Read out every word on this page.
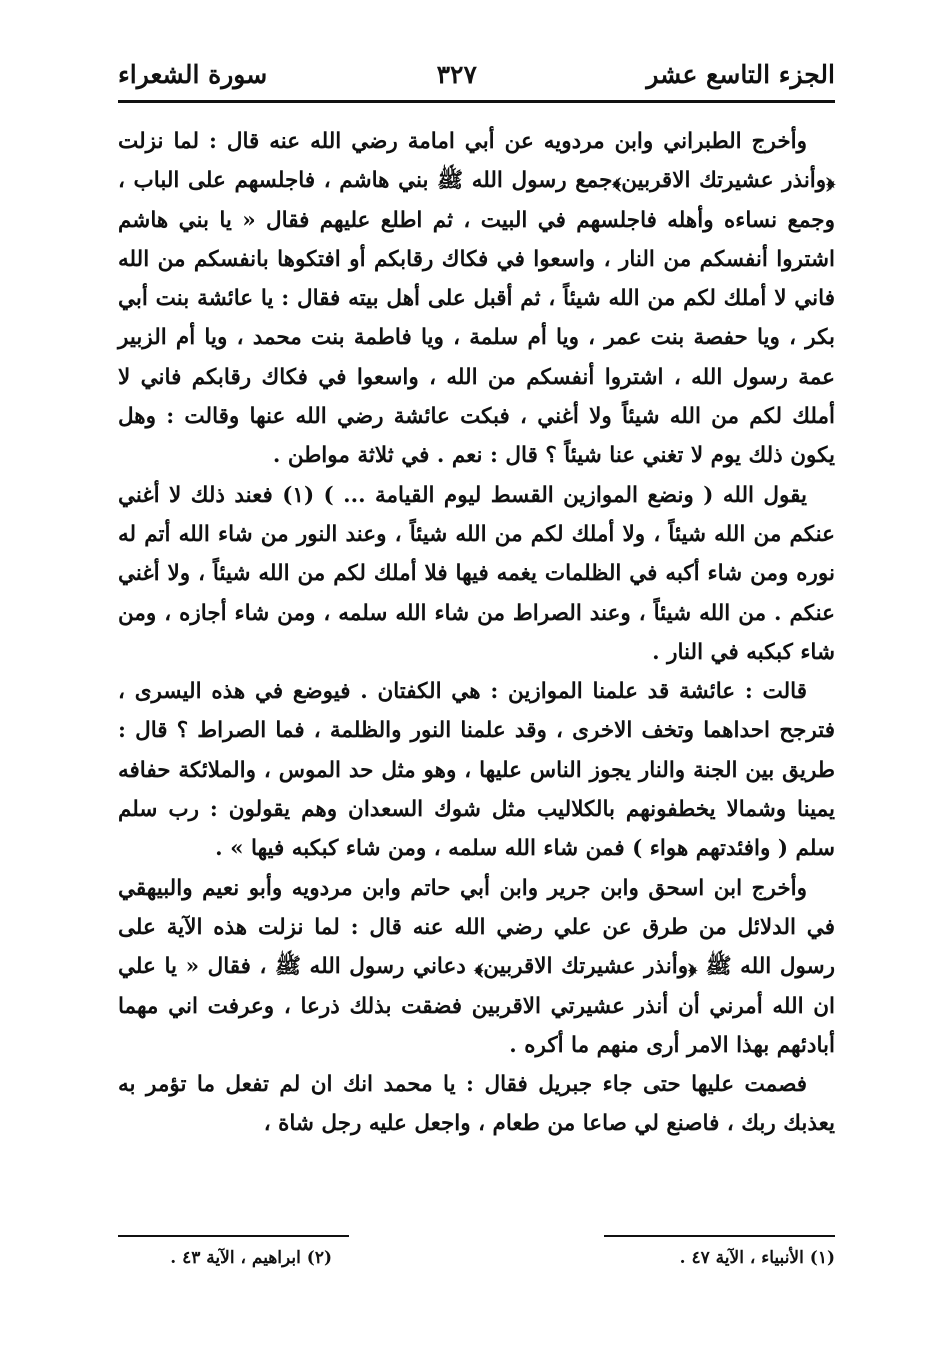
الجزء التاسع عشر
٣٢٧
سورة الشعراء

وأخرج الطبراني وابن مردويه عن أبي امامة رضي الله عنه قال : لما نزلت ﴿وأنذر عشيرتك الاقربين﴾جمع رسول الله ﷺ بني هاشم ، فاجلسهم على الباب ، وجمع نساءه وأهله فاجلسهم في البيت ، ثم اطلع عليهم فقال « يا بني هاشم اشتروا أنفسكم من النار ، واسعوا في فكاك رقابكم أو افتكوها بانفسكم من الله فاني لا أملك لكم من الله شيئاً ، ثم أقبل على أهل بيته فقال : يا عائشة بنت أبي بكر ، ويا حفصة بنت عمر ، ويا أم سلمة ، ويا فاطمة بنت محمد ، ويا أم الزبير عمة رسول الله ، اشتروا أنفسكم من الله ، واسعوا في فكاك رقابكم فاني لا أملك لكم من الله شيئاً ولا أغني ، فبكت عائشة رضي الله عنها وقالت : وهل يكون ذلك يوم لا تغني عنا شيئاً ؟ قال : نعم . في ثلاثة مواطن .

يقول الله ( ونضع الموازين القسط ليوم القيامة ... ) (١) فعند ذلك لا أغني عنكم من الله شيئاً ، ولا أملك لكم من الله شيئاً ، وعند النور من شاء الله أتم له نوره ومن شاء أكبه في الظلمات يغمه فيها فلا أملك لكم من الله شيئاً ، ولا أغني عنكم . من الله شيئاً ، وعند الصراط من شاء الله سلمه ، ومن شاء أجازه ، ومن شاء كبكبه في النار .

قالت : عائشة قد علمنا الموازين : هي الكفتان . فيوضع في هذه اليسرى ، فترجح احداهما وتخف الاخرى ، وقد علمنا النور والظلمة ، فما الصراط ؟ قال : طريق بين الجنة والنار يجوز الناس عليها ، وهو مثل حد الموس ، والملائكة حفافه يمينا وشمالا يخطفونهم بالكلاليب مثل شوك السعدان وهم يقولون : رب سلم سلم ( وافئدتهم هواء ) فمن شاء الله سلمه ، ومن شاء كبكبه فيها » .

وأخرج ابن اسحق وابن جرير وابن أبي حاتم وابن مردويه وأبو نعيم والبيهقي في الدلائل من طرق عن علي رضي الله عنه قال : لما نزلت هذه الآية على رسول الله ﷺ ﴿وأنذر عشيرتك الاقربين﴾ دعاني رسول الله ﷺ ، فقال « يا علي ان الله أمرني أن أنذر عشيرتي الاقربين فضقت بذلك ذرعا ، وعرفت اني مهما أبادئهم بهذا الامر أرى منهم ما أكره .

فصمت عليها حتى جاء جبريل فقال : يا محمد انك ان لم تفعل ما تؤمر به يعذبك ربك ، فاصنع لي صاعا من طعام ، واجعل عليه رجل شاة ،

(١) الأنبياء ، الآية ٤٧ .
(٢) ابراهيم ، الآية ٤٣ .
